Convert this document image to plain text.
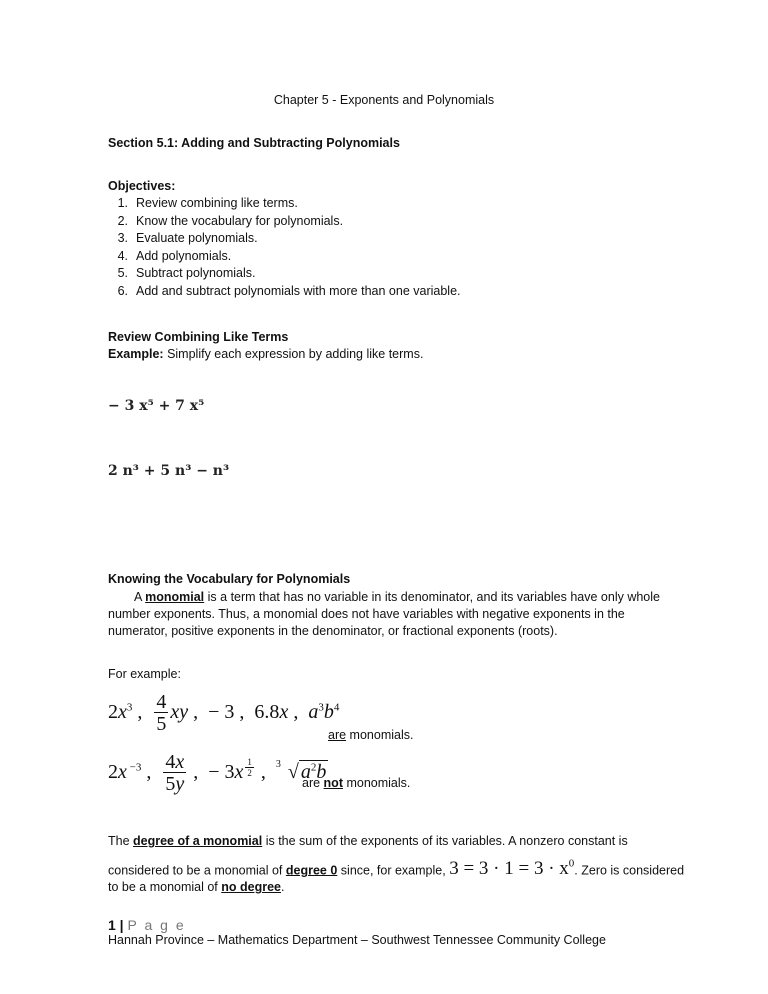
Chapter 5 - Exponents and Polynomials
Section 5.1: Adding and Subtracting Polynomials
Objectives:
1. Review combining like terms.
2. Know the vocabulary for polynomials.
3. Evaluate polynomials.
4. Add polynomials.
5. Subtract polynomials.
6. Add and subtract polynomials with more than one variable.
Review Combining Like Terms
Example: Simplify each expression by adding like terms.
− 3 x⁵ + 7 x⁵
2 n³ + 5 n³ − n³
Knowing the Vocabulary for Polynomials
A monomial is a term that has no variable in its denominator, and its variables have only whole number exponents. Thus, a monomial does not have variables with negative exponents in the numerator, positive exponents in the denominator, or fractional exponents (roots).
For example:
$2x^3$ , $\frac{4}{5}$ xy ,  − 3 ,  6.8x ,  $a^3b^4$
are monomials.
2x $^{-3}$ , $\frac{4x}{5y}$ ,  − 3x $^{\frac{1}{2}}$ , 3 √ $a^2b$
are not monomials.
The degree of a monomial is the sum of the exponents of its variables. A nonzero constant is
considered to be a monomial of degree 0 since, for example, $3 = 3 \cdot 1 = 3 \cdot x^0$. Zero is considered to be a monomial of no degree.
1 | P a g e
Hannah Province – Mathematics Department – Southwest Tennessee Community College
